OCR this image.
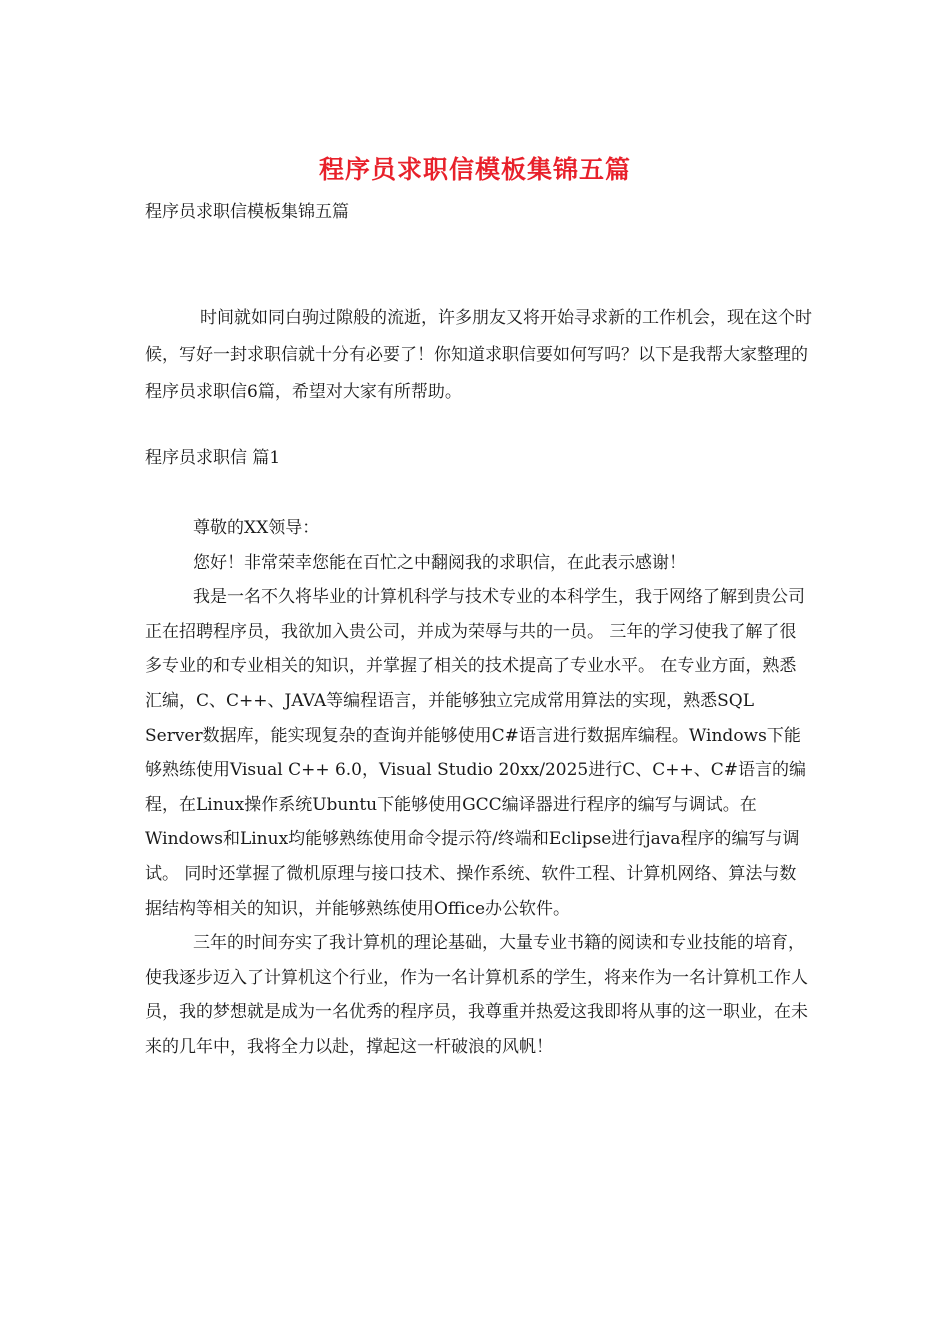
程序员求职信模板集锦五篇
程序员求职信模板集锦五篇

时间就如同白驹过隙般的流逝，许多朋友又将开始寻求新的工作机会，现在这个时候，写好一封求职信就十分有必要了！你知道求职信要如何写吗？以下是我帮大家整理的程序员求职信6篇，希望对大家有所帮助。

程序员求职信 篇1

尊敬的XX领导：

您好！非常荣幸您能在百忙之中翻阅我的求职信，在此表示感谢！

我是一名不久将毕业的计算机科学与技术专业的本科学生，我于网络了解到贵公司正在招聘程序员，我欲加入贵公司，并成为荣辱与共的一员。 三年的学习使我了解了很多专业的和专业相关的知识，并掌握了相关的技术提高了专业水平。 在专业方面，熟悉汇编，C、C++、JAVA等编程语言，并能够独立完成常用算法的实现，熟悉SQL Server数据库，能实现复杂的查询并能够使用C#语言进行数据库编程。Windows下能够熟练使用Visual C++ 6.0，Visual Studio 20xx/2025进行C、C++、C#语言的编程，在Linux操作系统Ubuntu下能够使用GCC编译器进行程序的编写与调试。在Windows和Linux均能够熟练使用命令提示符/终端和Eclipse进行java程序的编写与调试。 同时还掌握了微机原理与接口技术、操作系统、软件工程、计算机网络、算法与数据结构等相关的知识，并能够熟练使用Office办公软件。

三年的时间夯实了我计算机的理论基础，大量专业书籍的阅读和专业技能的培育，使我逐步迈入了计算机这个行业，作为一名计算机系的学生，将来作为一名计算机工作人员，我的梦想就是成为一名优秀的程序员，我尊重并热爱这我即将从事的这一职业，在未来的几年中，我将全力以赴，撑起这一杆破浪的风帆！
